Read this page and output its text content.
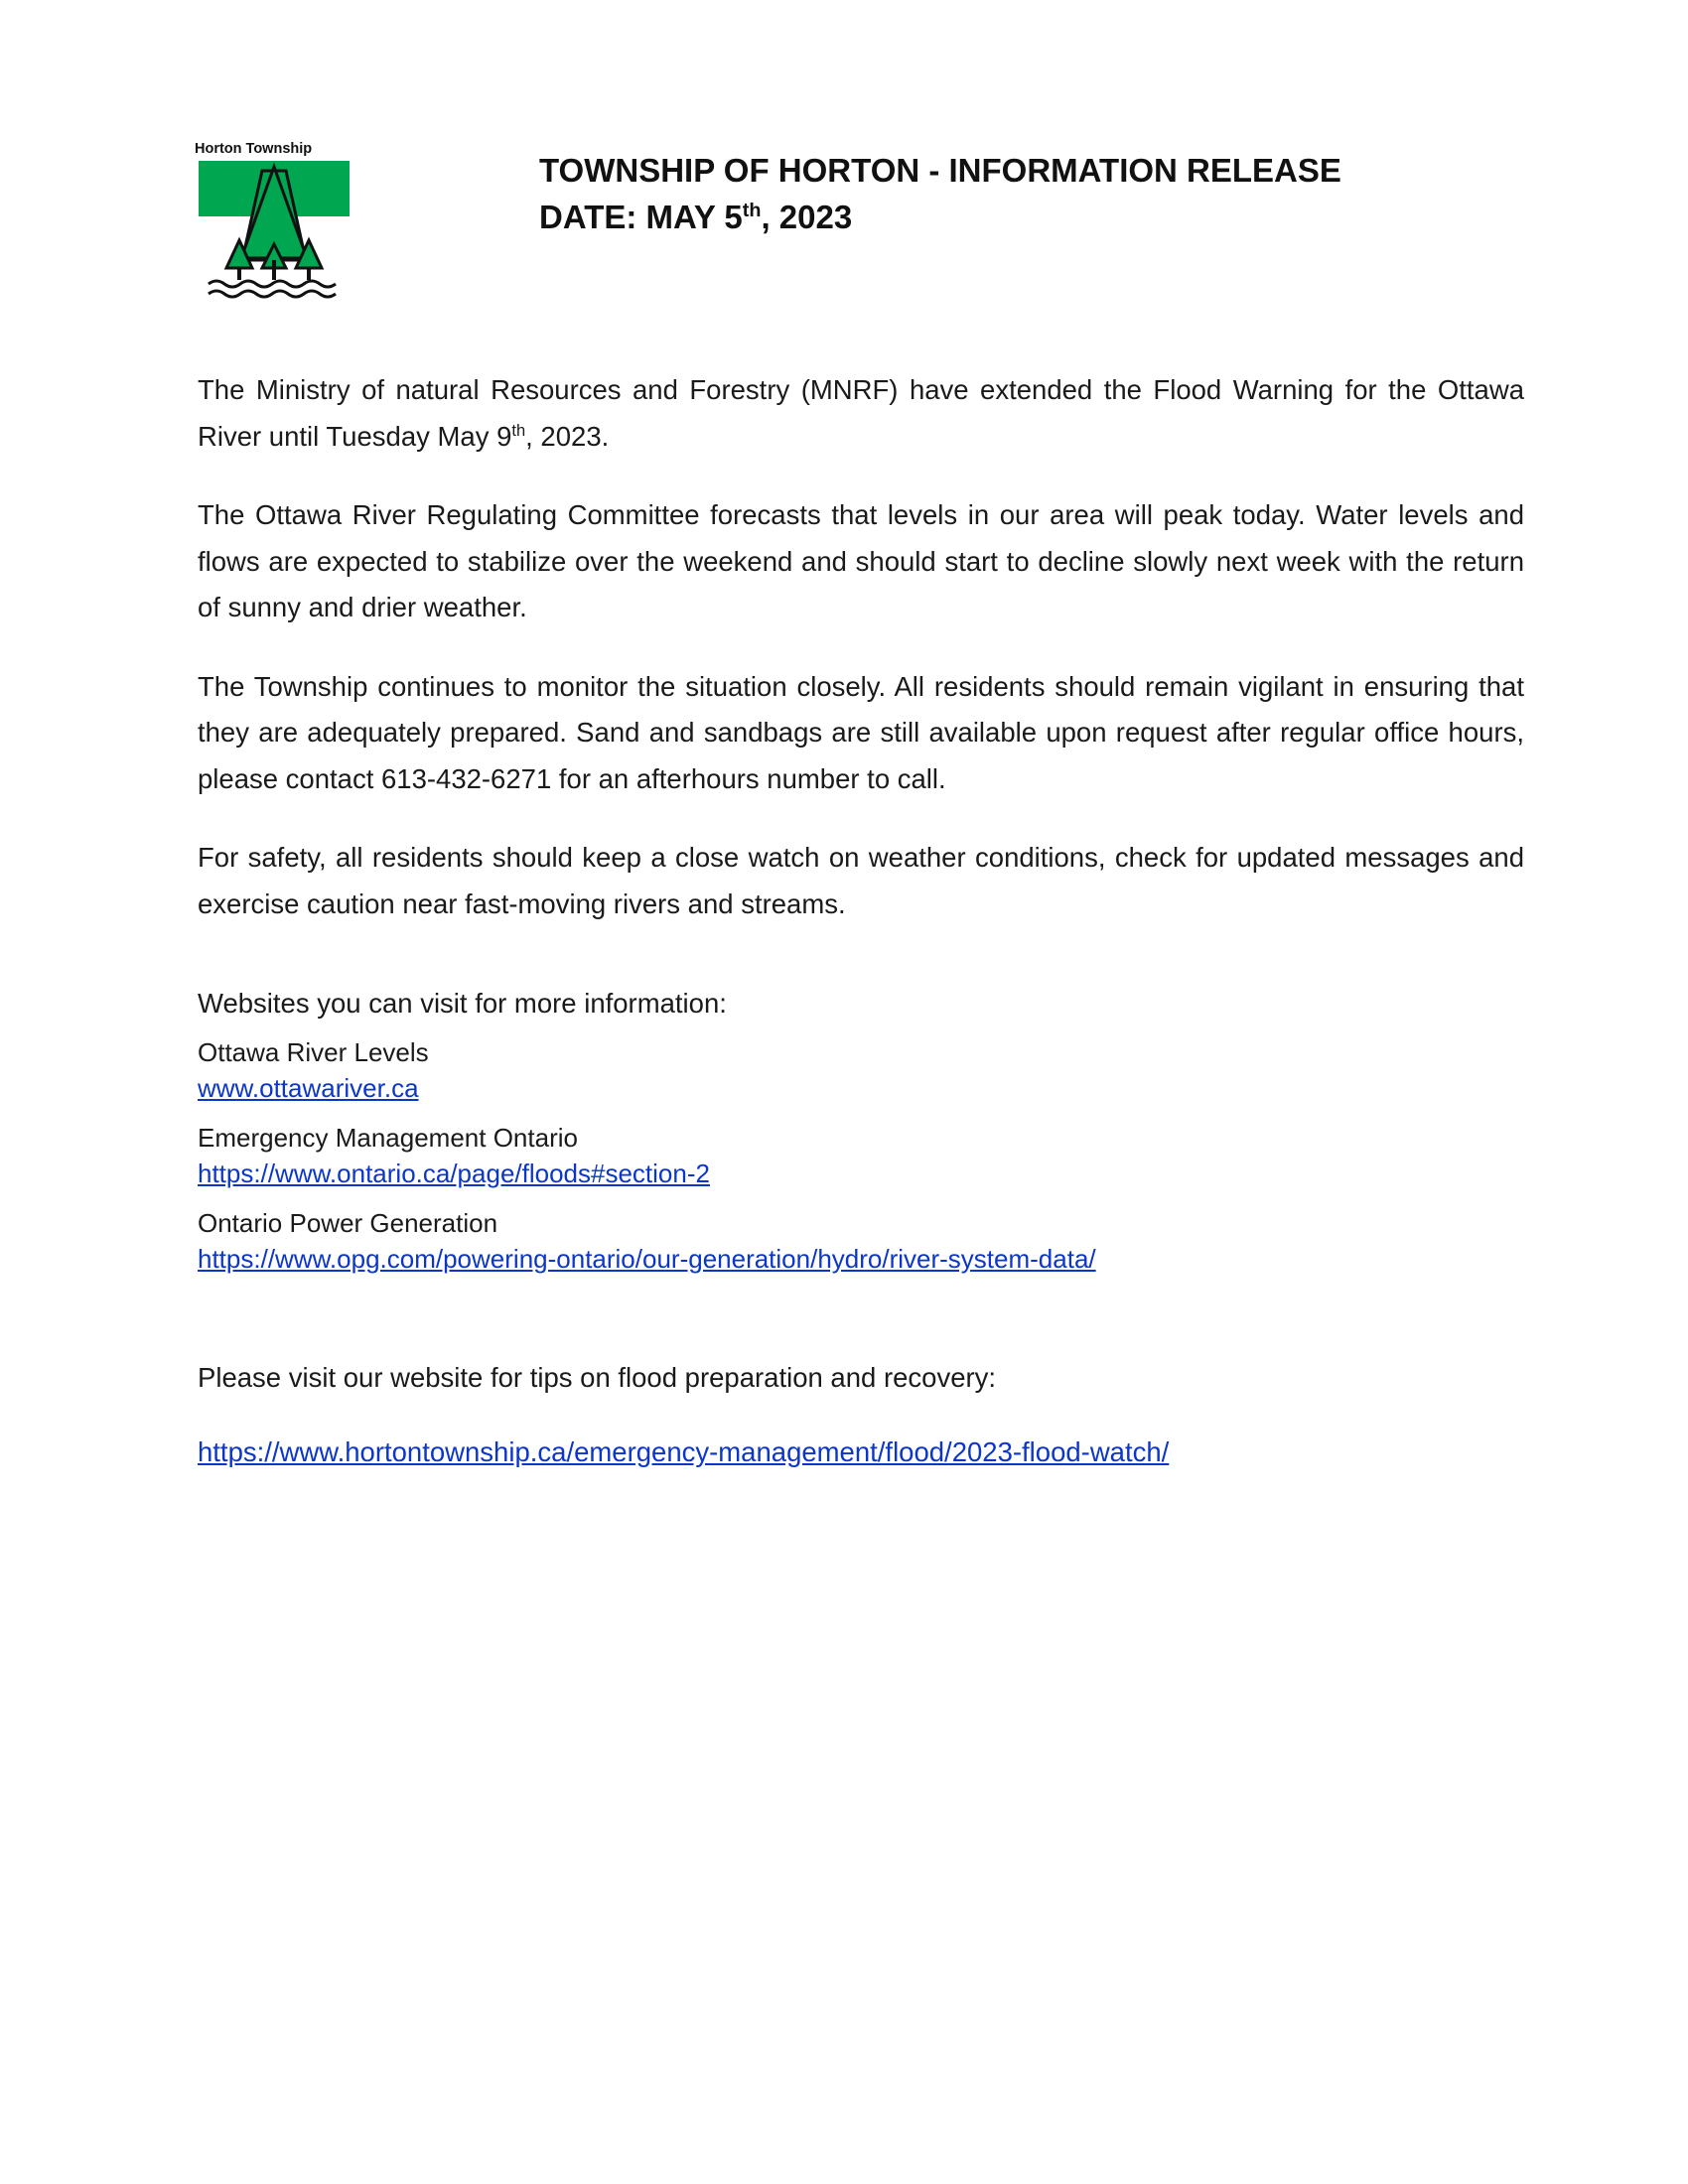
Horton Township
TOWNSHIP OF HORTON - INFORMATION RELEASE
DATE: MAY 5th, 2023

The Ministry of natural Resources and Forestry (MNRF) have extended the Flood Warning for the Ottawa River until Tuesday May 9th, 2023.

The Ottawa River Regulating Committee forecasts that levels in our area will peak today. Water levels and flows are expected to stabilize over the weekend and should start to decline slowly next week with the return of sunny and drier weather.

The Township continues to monitor the situation closely. All residents should remain vigilant in ensuring that they are adequately prepared. Sand and sandbags are still available upon request after regular office hours, please contact 613-432-6271 for an afterhours number to call.

For safety, all residents should keep a close watch on weather conditions, check for updated messages and exercise caution near fast-moving rivers and streams.

Websites you can visit for more information:
Ottawa River Levels
www.ottawariver.ca
Emergency Management Ontario
https://www.ontario.ca/page/floods#section-2
Ontario Power Generation
https://www.opg.com/powering-ontario/our-generation/hydro/river-system-data/
Please visit our website for tips on flood preparation and recovery:
https://www.hortontownship.ca/emergency-management/flood/2023-flood-watch/
